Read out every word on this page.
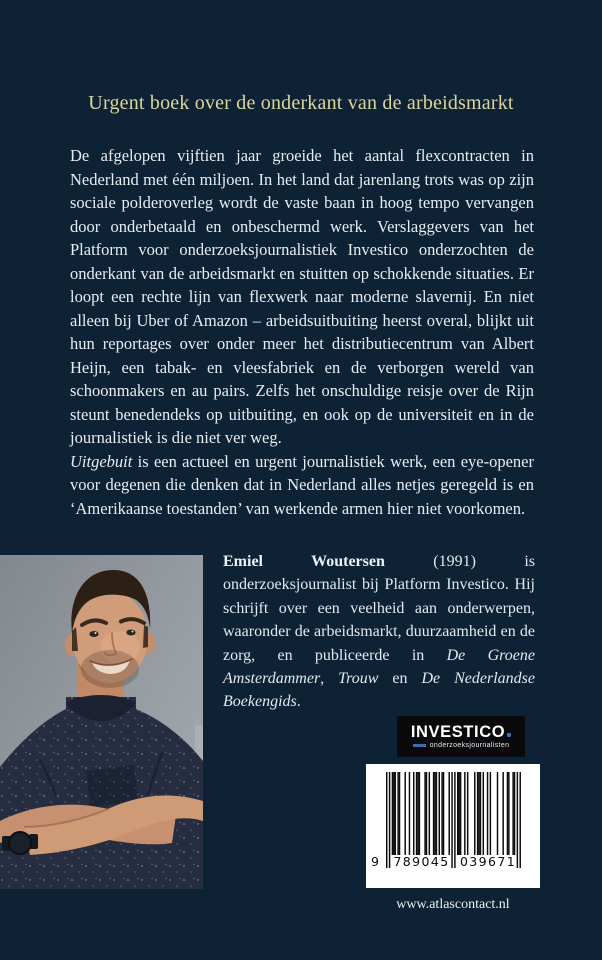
Urgent boek over de onderkant van de arbeidsmarkt

De afgelopen vijftien jaar groeide het aantal flexcontracten in Nederland met één miljoen. In het land dat jarenlang trots was op zijn sociale polderoverleg wordt de vaste baan in hoog tempo vervangen door onderbetaald en onbeschermd werk. Verslaggevers van het Platform voor onderzoeksjournalistiek Investico onderzochten de onderkant van de arbeidsmarkt en stuitten op schokkende situaties. Er loopt een rechte lijn van flexwerk naar moderne slavernij. En niet alleen bij Uber of Amazon – arbeidsuitbuiting heerst overal, blijkt uit hun reportages over onder meer het distributiecentrum van Albert Heijn, een tabak- en vleesfabriek en de verborgen wereld van schoonmakers en au pairs. Zelfs het onschuldige reisje over de Rijn steunt benedendeks op uitbuiting, en ook op de universiteit en in de journalistiek is die niet ver weg.

Uitgebuit is een actueel en urgent journalistiek werk, een eye-opener voor degenen die denken dat in Nederland alles netjes geregeld is en ‘Amerikaanse toestanden’ van werkende armen hier niet voorkomen.

Emiel Woutersen (1991) is onderzoeksjournalist bij Platform Investico. Hij schrijft over een veelheid aan onderwerpen, waaronder de arbeidsmarkt, duurzaamheid en de zorg, en publiceerde in De Groene Amsterdammer, Trouw en De Nederlandse Boekengids.
INVESTICO
onderzoeksjournalisten
9 789045 039671
www.atlascontact.nl
